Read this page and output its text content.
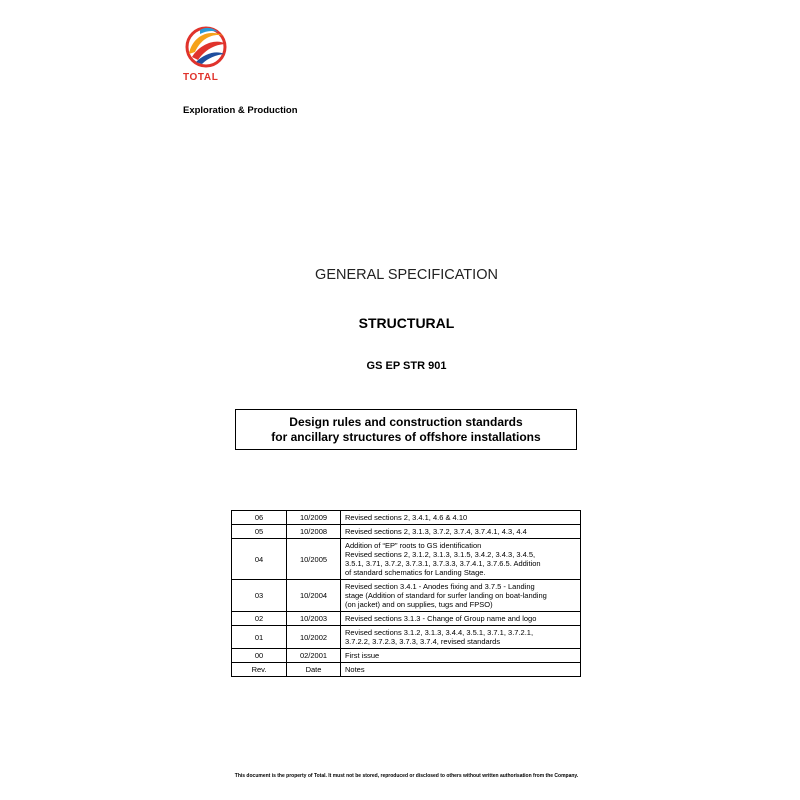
TOTAL
Exploration & Production
GENERAL SPECIFICATION
STRUCTURAL
GS EP STR 901
Design rules and construction standards
for ancillary structures of offshore installations
06	10/2009	Revised sections 2, 3.4.1, 4.6 & 4.10

05	10/2008	Revised sections 2, 3.1.3, 3.7.2, 3.7.4, 3.7.4.1, 4.3, 4.4

04	10/2005	Addition of “EP” roots to GS identification
Revised sections 2, 3.1.2, 3.1.3, 3.1.5, 3.4.2, 3.4.3, 3.4.5,
3.5.1, 3.71, 3.7.2, 3.7.3.1, 3.7.3.3, 3.7.4.1, 3.7.6.5. Addition
of standard schematics for Landing Stage.

03	10/2004	Revised section 3.4.1 - Anodes fixing and 3.7.5 - Landing
stage (Addition of standard for surfer landing on boat-landing
(on jacket) and on supplies, tugs and FPSO)

02	10/2003	Revised sections 3.1.3 - Change of Group name and logo

01	10/2002	Revised sections 3.1.2, 3.1.3, 3.4.4, 3.5.1, 3.7.1, 3.7.2.1,
3.7.2.2, 3.7.2.3, 3.7.3, 3.7.4, revised standards

00	02/2001	First issue

Rev.	Date	Notes
This document is the property of Total. It must not be stored, reproduced or disclosed to others without written authorisation from the Company.
